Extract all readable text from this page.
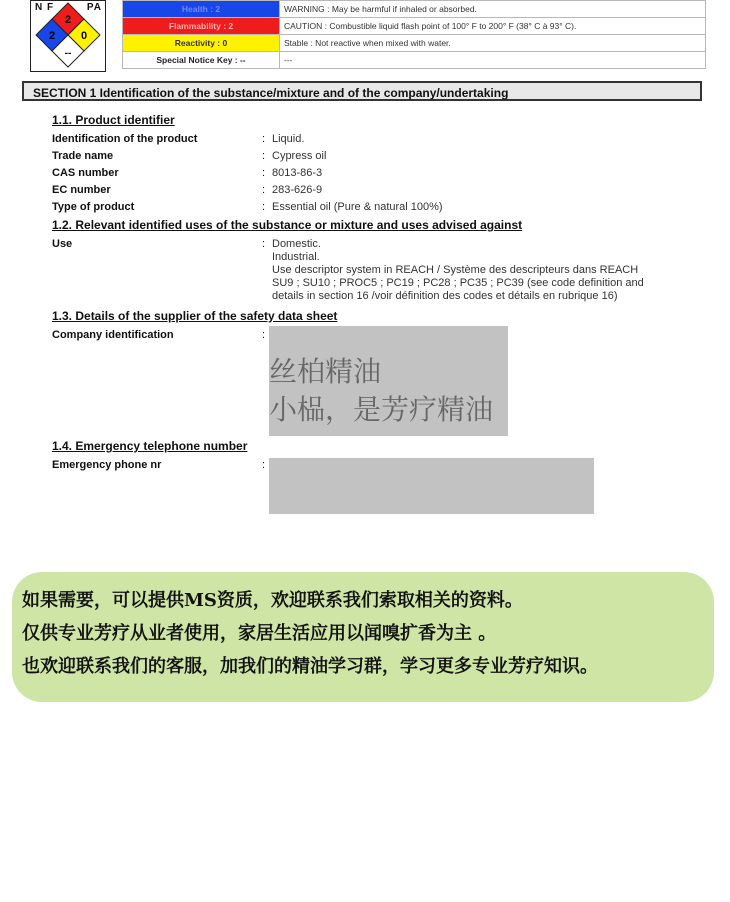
2
2 0
--
N F	PA	Health : 2	WARNING : May be harmful if inhaled or absorbed.
Flammability : 2	CAUTION : Combustible liquid flash point of 100° F to 200° F (38° C à 93° C).
Reactivity : 0	Stable : Not reactive when mixed with water.
Special Notice Key : --	---
SECTION 1 Identification of the substance/mixture and of the company/undertaking
1.1. Product identifier
Identification of the product	: Liquid.
Trade name	: Cypress oil
CAS number	: 8013-86-3
EC number	: 283-626-9
Type of product	: Essential oil (Pure & natural 100%)
1.2. Relevant identified uses of the substance or mixture and uses advised against
Use	: Domestic.
Industrial.
Use descriptor system in REACH / Système des descripteurs dans REACH
SU9 ; SU10 ; PROC5 ; PC19 ; PC28 ; PC35 ; PC39 (see code definition and
details in section 16 /voir définition des codes et détails en rubrique 16)
1.3. Details of the supplier of the safety data sheet
Company identification	:
丝柏精油
小榀，是芳疗精油
1.4. Emergency telephone number
Emergency phone nr	:
如果需要，可以提供MS资质，欢迎联系我们索取相关的资料。
仅供专业芳疗从业者使用，家居生活应用以闻嗅扩香为主 。
也欢迎联系我们的客服，加我们的精油学习群，学习更多专业芳疗知识。
